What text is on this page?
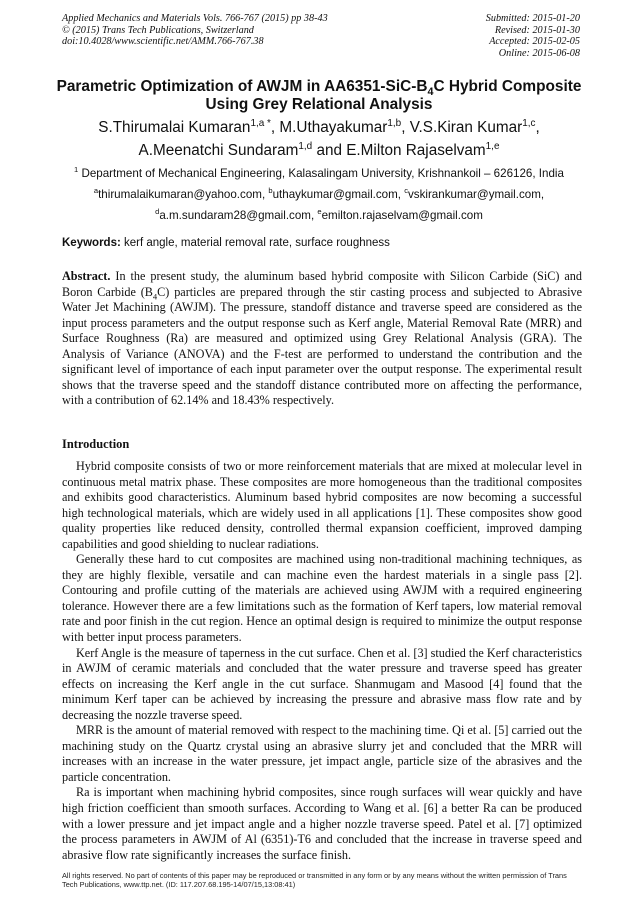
Applied Mechanics and Materials Vols. 766-767 (2015) pp 38-43
© (2015) Trans Tech Publications, Switzerland
doi:10.4028/www.scientific.net/AMM.766-767.38
Submitted: 2015-01-20
Revised: 2015-01-30
Accepted: 2015-02-05
Online: 2015-06-08
Parametric Optimization of AWJM in $AA6351-SiC-B_4C$ Hybrid Composite
Using Grey Relational Analysis
S.Thirumalai Kumaran$^{1,a *}$, M.Uthayakumar$^{1,b}$, V.S.Kiran Kumar$^{1,c}$,
A.Meenatchi Sundaram$^{1,d}$ and E.Milton Rajaselvam$^{1,e}$
$^1$ Department of Mechanical Engineering, Kalasalingam University, Krishnankoil – 626126, India
$^a$thirumalaikumaran@yahoo.com, $^b$uthaykumar@gmail.com, $^c$vskirankumar@ymail.com,
$^d$a.m.sundaram28@gmail.com, $^e$emilton.rajaselvam@gmail.com
Keywords: kerf angle, material removal rate, surface roughness
Abstract. In the present study, the aluminum based hybrid composite with Silicon Carbide (SiC) and Boron Carbide $(B_4C)$ particles are prepared through the stir casting process and subjected to Abrasive Water Jet Machining (AWJM). The pressure, standoff distance and traverse speed are considered as the input process parameters and the output response such as Kerf angle, Material Removal Rate (MRR) and Surface Roughness (Ra) are measured and optimized using Grey Relational Analysis (GRA). The Analysis of Variance (ANOVA) and the F-test are performed to understand the contribution and the significant level of importance of each input parameter over the output response. The experimental result shows that the traverse speed and the standoff distance contributed more on affecting the performance, with a contribution of 62.14% and 18.43% respectively.
Introduction

Hybrid composite consists of two or more reinforcement materials that are mixed at molecular level in continuous metal matrix phase. These composites are more homogeneous than the traditional composites and exhibits good characteristics. Aluminum based hybrid composites are now becoming a successful high technological materials, which are widely used in all applications [1]. These composites show good quality properties like reduced density, controlled thermal expansion coefficient, improved damping capabilities and good shielding to nuclear radiations.

Generally these hard to cut composites are machined using non-traditional machining techniques, as they are highly flexible, versatile and can machine even the hardest materials in a single pass [2]. Contouring and profile cutting of the materials are achieved using AWJM with a required engineering tolerance. However there are a few limitations such as the formation of Kerf tapers, low material removal rate and poor finish in the cut region. Hence an optimal design is required to minimize the output response with better input process parameters.

Kerf Angle is the measure of taperness in the cut surface. Chen et al. [3] studied the Kerf characteristics in AWJM of ceramic materials and concluded that the water pressure and traverse speed has greater effects on increasing the Kerf angle in the cut surface. Shanmugam and Masood [4] found that the minimum Kerf taper can be achieved by increasing the pressure and abrasive mass flow rate and by decreasing the nozzle traverse speed.

MRR is the amount of material removed with respect to the machining time. Qi et al. [5] carried out the machining study on the Quartz crystal using an abrasive slurry jet and concluded that the MRR will increases with an increase in the water pressure, jet impact angle, particle size of the abrasives and the particle concentration.

Ra is important when machining hybrid composites, since rough surfaces will wear quickly and have high friction coefficient than smooth surfaces. According to Wang et al. [6] a better Ra can be produced with a lower pressure and jet impact angle and a higher nozzle traverse speed. Patel et al. [7] optimized the process parameters in AWJM of Al (6351)-T6 and concluded that the increase in traverse speed and abrasive flow rate significantly increases the surface finish.

All rights reserved. No part of contents of this paper may be reproduced or transmitted in any form or by any means without the written permission of Trans Tech Publications, www.ttp.net. (ID: 117.207.68.195-14/07/15,13:08:41)
